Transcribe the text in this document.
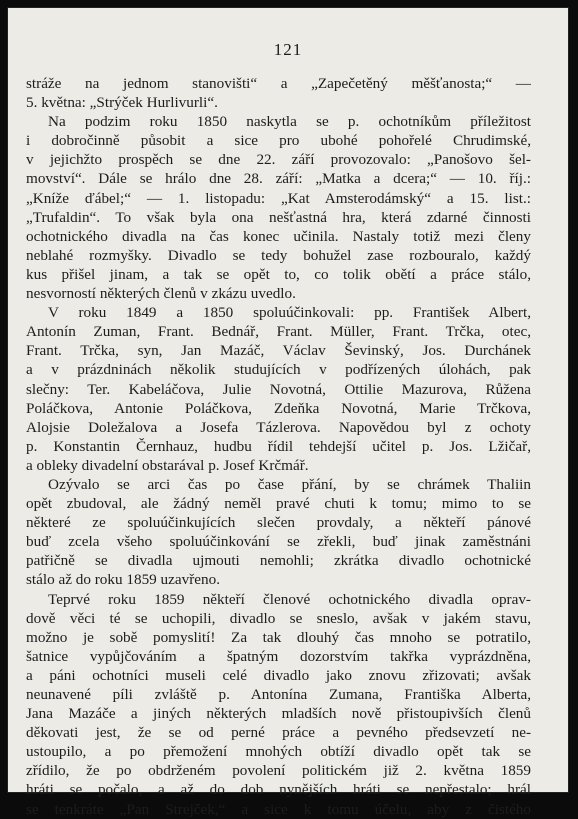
121
stráže na jednom stanovišti“ a „Zapečetěný měšťanosta;“ —
5. května: „Strýček Hurlivurli“.
Na podzim roku 1850 naskytla se p. ochotníkům příležitost
i dobročinně působit a sice pro ubohé pohořelé Chrudimské,
v jejichžto prospěch se dne 22. září provozovalo: „Panošovo šel-
movství“. Dále se hrálo dne 28. září: „Matka a dcera;“ — 10. říj.:
„Kníže ďábel;“ — 1. listopadu: „Kat Amsterodámský“ a 15. list.:
„Trufaldin“. To však byla ona nešťastná hra, která zdarné činnosti
ochotnického divadla na čas konec učinila. Nastaly totiž mezi členy
neblahé rozmyšky. Divadlo se tedy bohužel zase rozbouralo, každý
kus přišel jinam, a tak se opět to, co tolik obětí a práce stálo,
nesvorností některých členů v zkázu uvedlo.
V roku 1849 a 1850 spoluúčinkovali: pp. František Albert,
Antonín Zuman, Frant. Bednář, Frant. Müller, Frant. Trčka, otec,
Frant. Trčka, syn, Jan Mazáč, Václav Ševinský, Jos. Durchánek
a v prázdninách několik studujících v podřízených úlohách, pak
slečny: Ter. Kabeláčova, Julie Novotná, Ottilie Mazurova, Růžena
Poláčkova, Antonie Poláčkova, Zdeňka Novotná, Marie Trčkova,
Alojsie Doležalova a Josefa Tázlerova. Napovědou byl z ochoty
p. Konstantin Černhauz, hudbu řídil tehdejší učitel p. Jos. Lžičař,
a obleky divadelní obstarával p. Josef Krčmář.
Ozývalo se arci čas po čase přání, by se chrámek Thaliin
opět zbudoval, ale žádný neměl pravé chuti k tomu; mimo to se
některé ze spoluúčinkujících slečen provdaly, a někteří pánové
buď zcela všeho spoluúčinkování se zřekli, buď jinak zaměstnáni
patřičně se divadla ujmouti nemohli; zkrátka divadlo ochotnické
stálo až do roku 1859 uzavřeno.
Teprvé roku 1859 někteří členové ochotnického divadla oprav-
dově věci té se uchopili, divadlo se sneslo, avšak v jakém stavu,
možno je sobě pomyslití! Za tak dlouhý čas mnoho se potratilo,
šatnice vypůjčováním a špatným dozorstvím takřka vyprázdněna,
a páni ochotníci museli celé divadlo jako znovu zřizovati; avšak
neunavené píli zvláště p. Antonína Zumana, Františka Alberta,
Jana Mazáče a jiných některých mladších nově přistoupivších členů
děkovati jest, že se od perné práce a pevného předsevzetí ne-
ustoupilo, a po přemožení mnohých obtíží divadlo opět tak se
zřídilo, že po obdrženém povolení politickém již 2. května 1859
hráti se počalo, a až do dob nynějších hráti se nepřestalo; hrál
se tenkráte „Pan Strejček,“ a sice k tomu účelu, aby z čistého
